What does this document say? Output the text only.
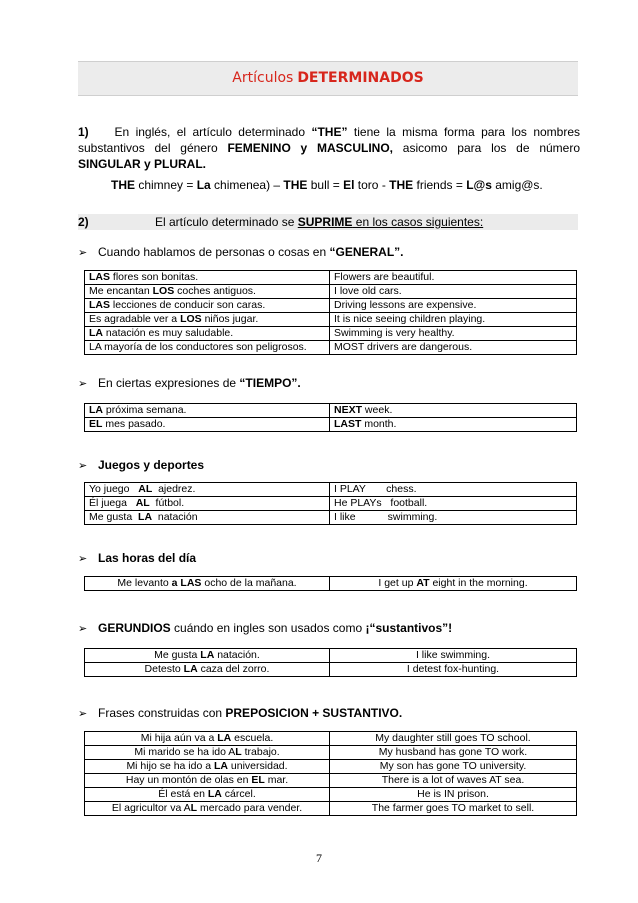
Artículos DETERMINADOS
1) En inglés, el artículo determinado “THE” tiene la misma forma para los nombres substantivos del género FEMENINO y MASCULINO, asicomo para los de número SINGULAR y PLURAL.
THE chimney = La chimenea) – THE bull = El toro - THE friends = L@s amig@s.
2)	El artículo determinado se SUPRIME en los casos siguientes:
➢ Cuando hablamos de personas o cosas en “GENERAL”.
LAS flores son bonitas.	Flowers are beautiful.
Me encantan LOS coches antiguos.	I love old cars.
LAS lecciones de conducir son caras.	Driving lessons are expensive.
Es agradable ver a LOS niños jugar.	It is nice seeing children playing.
LA natación es muy saludable.	Swimming is very healthy.
LA mayoría de los conductores son peligrosos.	MOST drivers are dangerous.
➢ En ciertas expresiones de “TIEMPO”.
LA próxima semana.	NEXT week.
EL mes pasado.	LAST month.
➢ Juegos y deportes
Yo juego   AL  ajedrez.	I PLAY       chess.
Él juega   AL  fútbol.	He PLAYs   football.
Me gusta  LA  natación	I like           swimming.
➢ Las horas del día
Me levanto a LAS ocho de la mañana.	I get up AT eight in the morning.
➢ GERUNDIOS cuándo en ingles son usados como ¡“sustantivos”!
Me gusta LA natación.	I like swimming.
Detesto LA caza del zorro.	I detest fox-hunting.
➢ Frases construidas con PREPOSICION + SUSTANTIVO.
Mi hija aún va a LA escuela.	My daughter still goes TO school.
Mi marido se ha ido AL trabajo.	My husband has gone TO work.
Mi hijo se ha ido a LA universidad.	My son has gone TO university.
Hay un montón de olas en EL mar.	There is a lot of waves AT sea.
Él está en LA cárcel.	He is IN prison.
El agricultor va AL mercado para vender.	The farmer goes TO market to sell.
7
